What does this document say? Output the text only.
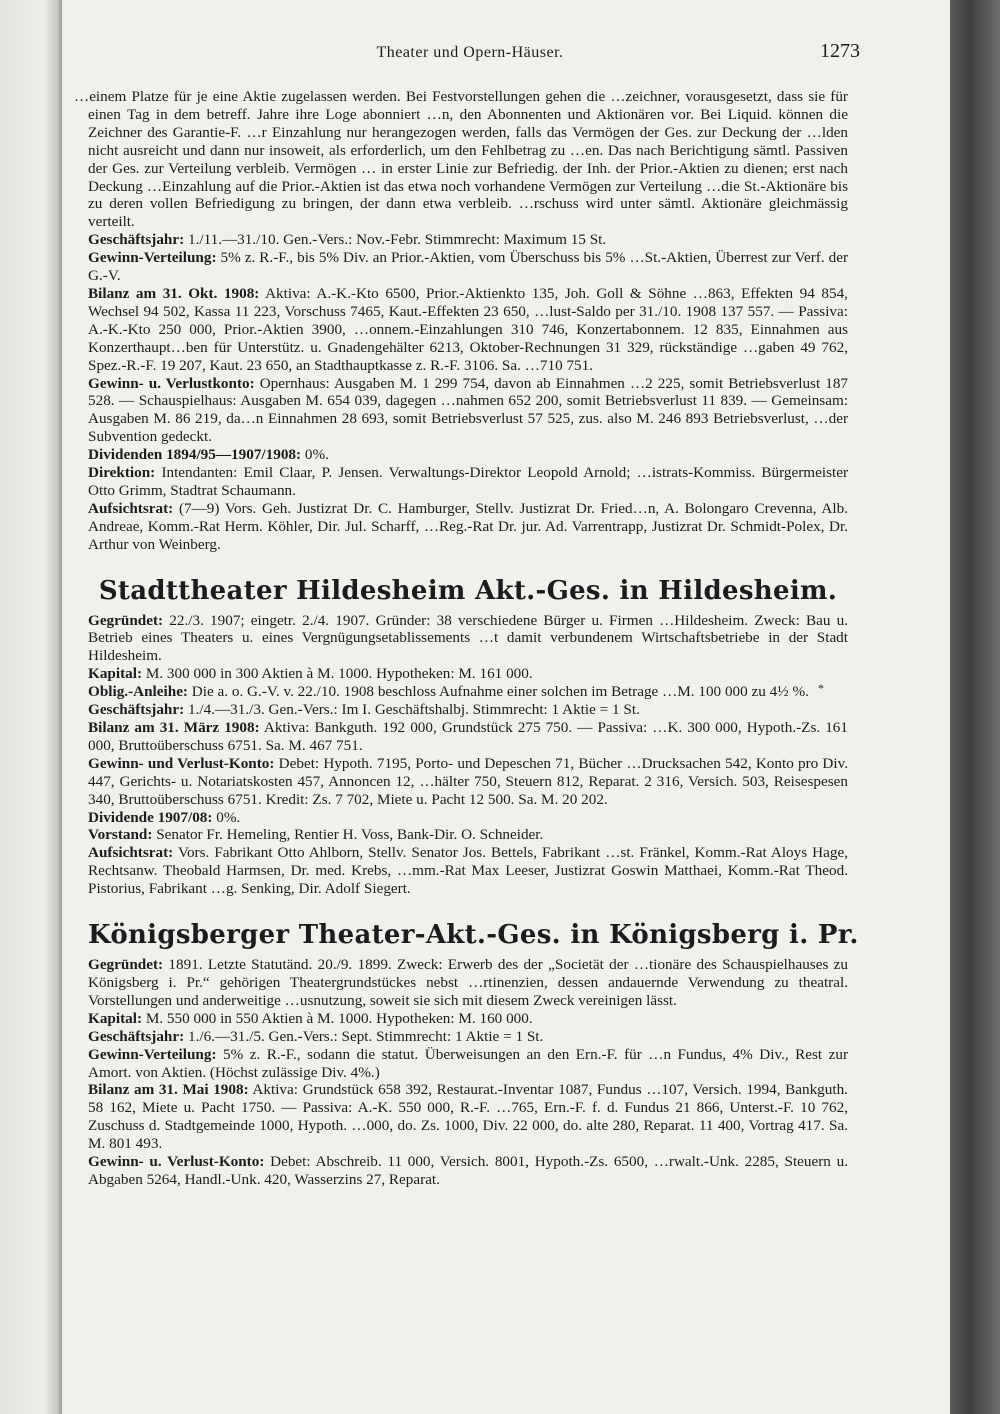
Theater und Opern-Häuser.	1273
…einem Platze für je eine Aktie zugelassen werden. Bei Festvorstellungen gehen die …zeichner, vorausgesetzt, dass sie für einen Tag in dem betreff. Jahre ihre Loge abonniert …n, den Abonnenten und Aktionären vor. Bei Liquid. können die Zeichner des Garantie-F. …r Einzahlung nur herangezogen werden, falls das Vermögen der Ges. zur Deckung der …lden nicht ausreicht und dann nur insoweit, als erforderlich, um den Fehlbetrag zu …en. Das nach Berichtigung sämtl. Passiven der Ges. zur Verteilung verbleib. Vermögen … in erster Linie zur Befriedig. der Inh. der Prior.-Aktien zu dienen; erst nach Deckung …Einzahlung auf die Prior.-Aktien ist das etwa noch vorhandene Vermögen zur Verteilung …die St.-Aktionäre bis zu deren vollen Befriedigung zu bringen, der dann etwa verbleib. …rschuss wird unter sämtl. Aktionäre gleichmässig verteilt.
Geschäftsjahr: 1./11.—31./10. Gen.-Vers.: Nov.-Febr. Stimmrecht: Maximum 15 St.
Gewinn-Verteilung: 5% z. R.-F., bis 5% Div. an Prior.-Aktien, vom Überschuss bis 5% …St.-Aktien, Überrest zur Verf. der G.-V.
Bilanz am 31. Okt. 1908: Aktiva: A.-K.-Kto 6500, Prior.-Aktienkto 135, Joh. Goll & Söhne …863, Effekten 94 854, Wechsel 94 502, Kassa 11 223, Vorschuss 7465, Kaut.-Effekten 23 650, …lust-Saldo per 31./10. 1908 137 557. — Passiva: A.-K.-Kto 250 000, Prior.-Aktien 3900, …onnem.-Einzahlungen 310 746, Konzertabonnem. 12 835, Einnahmen aus Konzerthaupt…ben für Unterstütz. u. Gnadengehälter 6213, Oktober-Rechnungen 31 329, rückständige …gaben 49 762, Spez.-R.-F. 19 207, Kaut. 23 650, an Stadthauptkasse z. R.-F. 3106. Sa. …710 751.
Gewinn- u. Verlustkonto: Opernhaus: Ausgaben M. 1 299 754, davon ab Einnahmen …2 225, somit Betriebsverlust 187 528. — Schauspielhaus: Ausgaben M. 654 039, dagegen …nahmen 652 200, somit Betriebsverlust 11 839. — Gemeinsam: Ausgaben M. 86 219, da…n Einnahmen 28 693, somit Betriebsverlust 57 525, zus. also M. 246 893 Betriebsverlust, …der Subvention gedeckt.
Dividenden 1894/95—1907/1908: 0%.
Direktion: Intendanten: Emil Claar, P. Jensen. Verwaltungs-Direktor Leopold Arnold; …istrats-Kommiss. Bürgermeister Otto Grimm, Stadtrat Schaumann.
Aufsichtsrat: (7—9) Vors. Geh. Justizrat Dr. C. Hamburger, Stellv. Justizrat Dr. Fried…n, A. Bolongaro Crevenna, Alb. Andreae, Komm.-Rat Herm. Köhler, Dir. Jul. Scharff, …Reg.-Rat Dr. jur. Ad. Varrentrapp, Justizrat Dr. Schmidt-Polex, Dr. Arthur von Weinberg.
Stadttheater Hildesheim Akt.-Ges. in Hildesheim.
Gegründet: 22./3. 1907; eingetr. 2./4. 1907. Gründer: 38 verschiedene Bürger u. Firmen …Hildesheim. Zweck: Bau u. Betrieb eines Theaters u. eines Vergnügungsetablissements …t damit verbundenem Wirtschaftsbetriebe in der Stadt Hildesheim.
Kapital: M. 300 000 in 300 Aktien à M. 1000. Hypotheken: M. 161 000.
Oblig.-Anleihe: Die a. o. G.-V. v. 22./10. 1908 beschloss Aufnahme einer solchen im Betrage …M. 100 000 zu 4½ %.
Geschäftsjahr: 1./4.—31./3. Gen.-Vers.: Im I. Geschäftshalbj. Stimmrecht: 1 Aktie = 1 St.
Bilanz am 31. März 1908: Aktiva: Bankguth. 192 000, Grundstück 275 750. — Passiva: …K. 300 000, Hypoth.-Zs. 161 000, Bruttoüberschuss 6751. Sa. M. 467 751.
Gewinn- und Verlust-Konto: Debet: Hypoth. 7195, Porto- und Depeschen 71, Bücher …Drucksachen 542, Konto pro Div. 447, Gerichts- u. Notariatskosten 457, Annoncen 12, …hälter 750, Steuern 812, Reparat. 2 316, Versich. 503, Reisespesen 340, Bruttoüberschuss 6751. Kredit: Zs. 7 702, Miete u. Pacht 12 500. Sa. M. 20 202.
Dividende 1907/08: 0%.
Vorstand: Senator Fr. Hemeling, Rentier H. Voss, Bank-Dir. O. Schneider.
Aufsichtsrat: Vors. Fabrikant Otto Ahlborn, Stellv. Senator Jos. Bettels, Fabrikant …st. Fränkel, Komm.-Rat Aloys Hage, Rechtsanw. Theobald Harmsen, Dr. med. Krebs, …mm.-Rat Max Leeser, Justizrat Goswin Matthaei, Komm.-Rat Theod. Pistorius, Fabrikant …g. Senking, Dir. Adolf Siegert.
Königsberger Theater-Akt.-Ges. in Königsberg i. Pr.
Gegründet: 1891. Letzte Statutänd. 20./9. 1899. Zweck: Erwerb des der „Societät der …tionäre des Schauspielhauses zu Königsberg i. Pr.“ gehörigen Theatergrundstückes nebst …rtinenzien, dessen andauernde Verwendung zu theatral. Vorstellungen und anderweitige …usnutzung, soweit sie sich mit diesem Zweck vereinigen lässt.
Kapital: M. 550 000 in 550 Aktien à M. 1000. Hypotheken: M. 160 000.
Geschäftsjahr: 1./6.—31./5. Gen.-Vers.: Sept. Stimmrecht: 1 Aktie = 1 St.
Gewinn-Verteilung: 5% z. R.-F., sodann die statut. Überweisungen an den Ern.-F. für …n Fundus, 4% Div., Rest zur Amort. von Aktien. (Höchst zulässige Div. 4%.)
Bilanz am 31. Mai 1908: Aktiva: Grundstück 658 392, Restaurat.-Inventar 1087, Fundus …107, Versich. 1994, Bankguth. 58 162, Miete u. Pacht 1750. — Passiva: A.-K. 550 000, R.-F. …765, Ern.-F. f. d. Fundus 21 866, Unterst.-F. 10 762, Zuschuss d. Stadtgemeinde 1000, Hypoth. …000, do. Zs. 1000, Div. 22 000, do. alte 280, Reparat. 11 400, Vortrag 417. Sa. M. 801 493.
Gewinn- u. Verlust-Konto: Debet: Abschreib. 11 000, Versich. 8001, Hypoth.-Zs. 6500, …rwalt.-Unk. 2285, Steuern u. Abgaben 5264, Handl.-Unk. 420, Wasserzins 27, Reparat.
*
